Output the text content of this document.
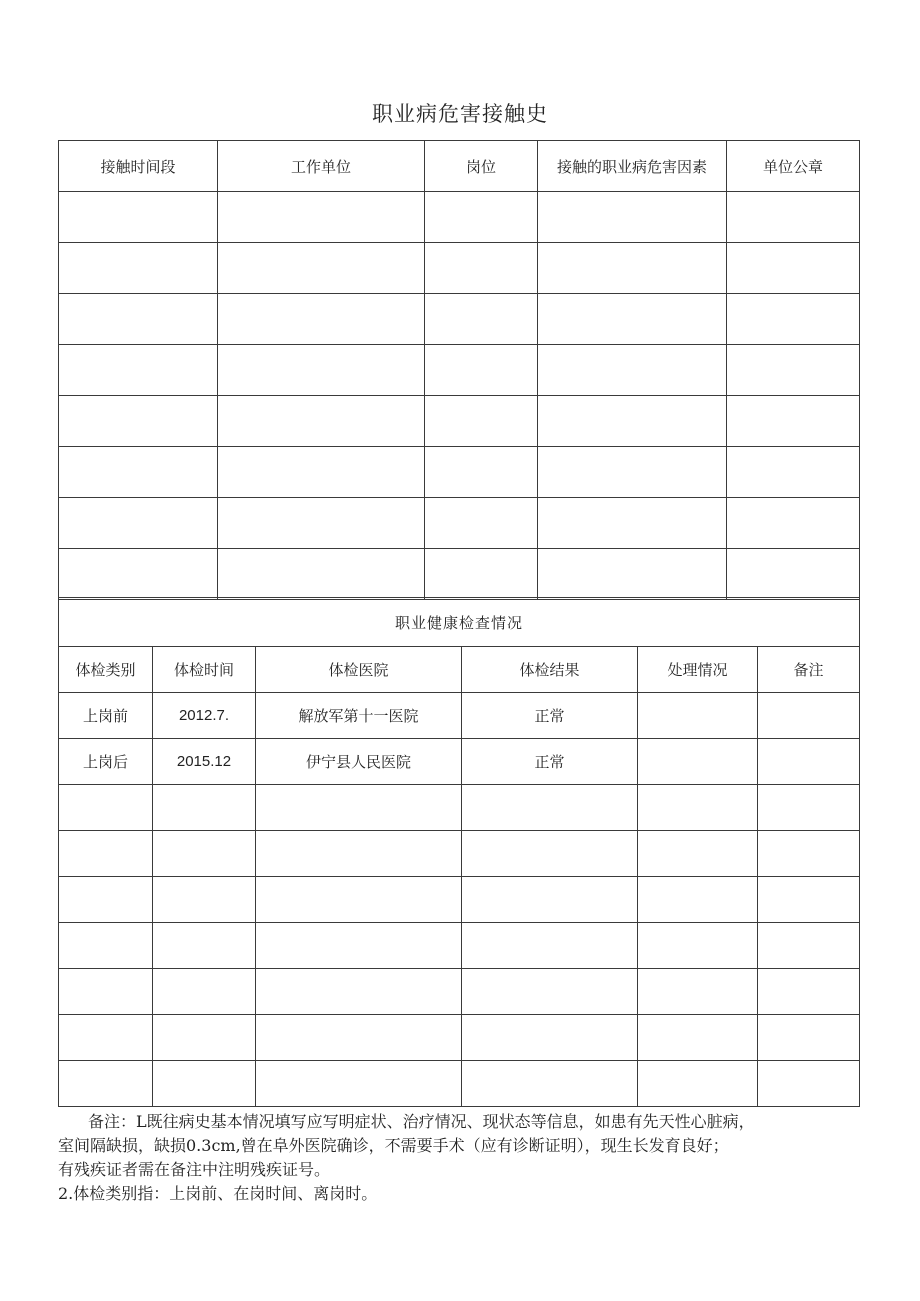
职业病危害接触史
接触时间段	工作单位	岗位	接触的职业病危害因素	单位公章

职业健康检查情况					
体检类别	体检时间	体检医院	体检结果	处理情况	备注
上岗前	2012.7.	解放军第十一医院	正常		
上岗后	2015.12	伊宁县人民医院	正常		

备注：L既往病史基本情况填写应写明症状、治疗情况、现状态等信息，如患有先天性心脏病，

室间隔缺损，缺损0.3cm,曾在阜外医院确诊，不需要手术（应有诊断证明），现生长发育良好；

有残疾证者需在备注中注明残疾证号。

2.体检类别指：上岗前、在岗时间、离岗时。
